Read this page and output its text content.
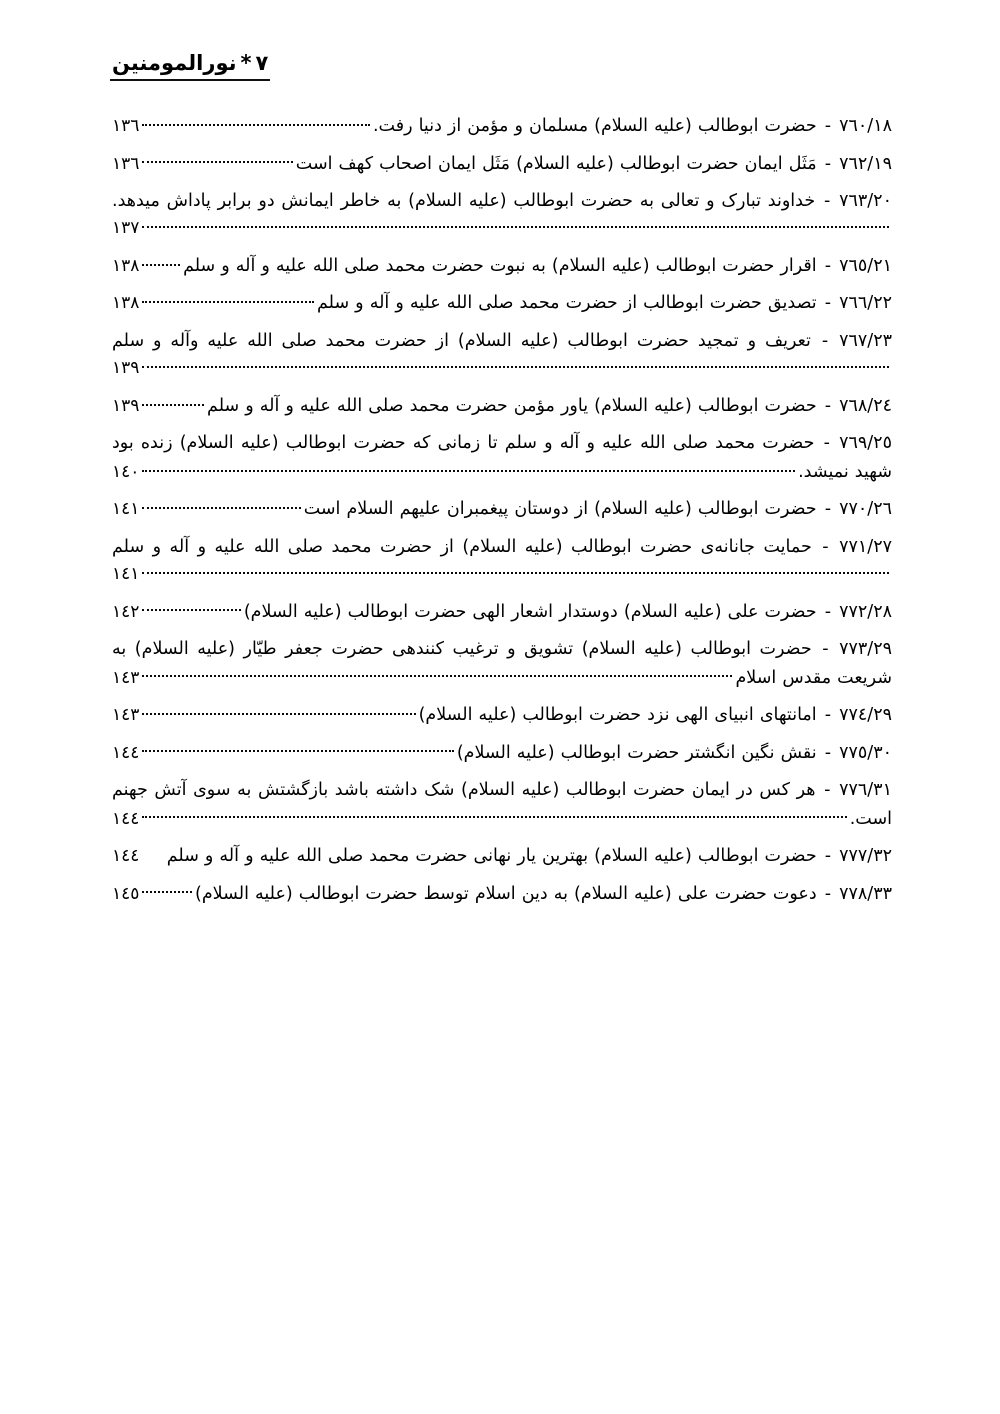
٧*نورالمومنین
٧٦٠/١٨ - حضرت ابوطالب (علیه السلام) مسلمان و مؤمن از دنیا رفت.
١٣٦
٧٦٢/١٩ - مَثَل ایمان حضرت ابوطالب (علیه السلام) مَثَل ایمان اصحاب کهف است
١٣٦
٧٦٣/٢٠ - خداوند تبارک و تعالی به حضرت ابوطالب (علیه السلام) به خاطر ایمانش دو برابر پاداش میدهد.
١٣٧
٧٦٥/٢١ - اقرار حضرت ابوطالب (علیه السلام) به نبوت حضرت محمد صلی الله علیه و آله و سلم
١٣٨
٧٦٦/٢٢ - تصدیق حضرت ابوطالب از حضرت محمد صلی الله علیه و آله و سلم
١٣٨
٧٦٧/٢٣ - تعریف و تمجید حضرت ابوطالب (علیه السلام) از حضرت محمد صلی الله علیه وآله و سلم
١٣٩
٧٦٨/٢٤ - حضرت ابوطالب (علیه السلام) یاور مؤمن حضرت محمد صلی الله علیه و آله و سلم
١٣٩
٧٦٩/٢٥ - حضرت محمد صلی الله علیه و آله و سلم تا زمانی که حضرت ابوطالب (علیه السلام) زنده بود
شهید نمیشد.
١٤٠
٧٧٠/٢٦ - حضرت ابوطالب (علیه السلام) از دوستان پیغمبران علیهم السلام است
١٤١
٧٧١/٢٧ - حمایت جانانه‌ی حضرت ابوطالب (علیه السلام) از حضرت محمد صلی الله علیه و آله و سلم
١٤١
٧٧٢/٢٨ - حضرت علی (علیه السلام) دوستدار اشعار الهی حضرت ابوطالب (علیه السلام)
١٤٢
٧٧٣/٢٩ - حضرت ابوطالب (علیه السلام) تشویق و ترغیب کنندهی حضرت جعفر طیّار (علیه السلام) به
شریعت مقدس اسلام
١٤٣
٧٧٤/٢٩ - امانتهای انبیای الهی نزد حضرت ابوطالب (علیه السلام)
١٤٣
٧٧٥/٣٠ - نقش نگین انگشتر حضرت ابوطالب (علیه السلام)
١٤٤
٧٧٦/٣١ - هر کس در ایمان حضرت ابوطالب (علیه السلام) شک داشته باشد بازگشتش به سوی آتش جهنم
است.
١٤٤
٧٧٧/٣٢ - حضرت ابوطالب (علیه السلام) بهترین یار نهانی حضرت محمد صلی الله علیه و آله و سلم
١٤٤
٧٧٨/٣٣ - دعوت حضرت علی (علیه السلام) به دین اسلام توسط حضرت ابوطالب (علیه السلام)
١٤٥
